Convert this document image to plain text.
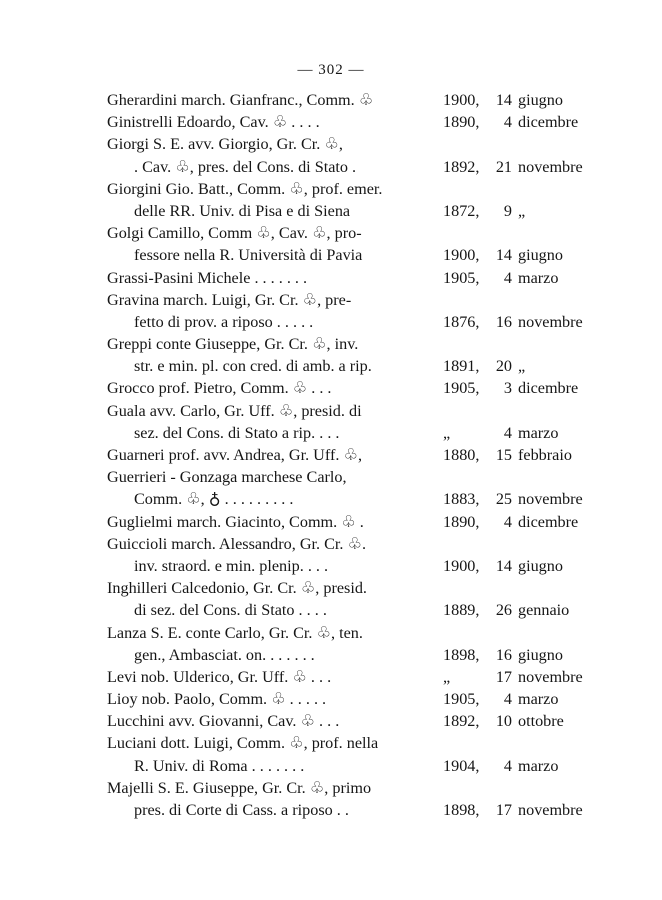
— 302 —
Gherardini march. Gianfranc., Comm. ♧	1900,	14 giugno
Ginistrelli Edoardo, Cav. ♧ . . . .	1890,	4 dicembre
Giorgi S. E. avv. Giorgio, Gr. Cr. ♧,
. Cav. ♧, pres. del Cons. di Stato .	1892,	21 novembre
Giorgini Gio. Batt., Comm. ♧, prof. emer.
delle RR. Univ. di Pisa e di Siena	1872,	9 „
Golgi Camillo, Comm ♧, Cav. ♧, pro-
fessore nella R. Università di Pavia	1900,	14 giugno
Grassi-Pasini Michele . . . . . . .	1905,	4 marzo
Gravina march. Luigi, Gr. Cr. ♧, pre-
fetto di prov. a riposo . . . . .	1876,	16 novembre
Greppi conte Giuseppe, Gr. Cr. ♧, inv.
str. e min. pl. con cred. di amb. a rip.	1891,	20 „
Grocco prof. Pietro, Comm. ♧ . . .	1905,	3 dicembre
Guala avv. Carlo, Gr. Uff. ♧, presid. di
sez. del Cons. di Stato a rip. . . .	„	4 marzo
Guarneri prof. avv. Andrea, Gr. Uff. ♧,	1880,	15 febbraio
Guerrieri - Gonzaga marchese Carlo,
Comm. ♧, ♁ . . . . . . . . .	1883,	25 novembre
Guglielmi march. Giacinto, Comm. ♧ .	1890,	4 dicembre
Guiccioli march. Alessandro, Gr. Cr. ♧.
inv. straord. e min. plenip. . . .	1900,	14 giugno
Inghilleri Calcedonio, Gr. Cr. ♧, presid.
di sez. del Cons. di Stato . . . .	1889,	26 gennaio
Lanza S. E. conte Carlo, Gr. Cr. ♧, ten.
gen., Ambasciat. on. . . . . . .	1898,	16 giugno
Levi nob. Ulderico, Gr. Uff. ♧ . . .	„	17 novembre
Lioy nob. Paolo, Comm. ♧ . . . . .	1905,	4 marzo
Lucchini avv. Giovanni, Cav. ♧ . . .	1892,	10 ottobre
Luciani dott. Luigi, Comm. ♧, prof. nella
R. Univ. di Roma . . . . . . .	1904,	4 marzo
Majelli S. E. Giuseppe, Gr. Cr. ♧, primo
pres. di Corte di Cass. a riposo . .	1898,	17 novembre
